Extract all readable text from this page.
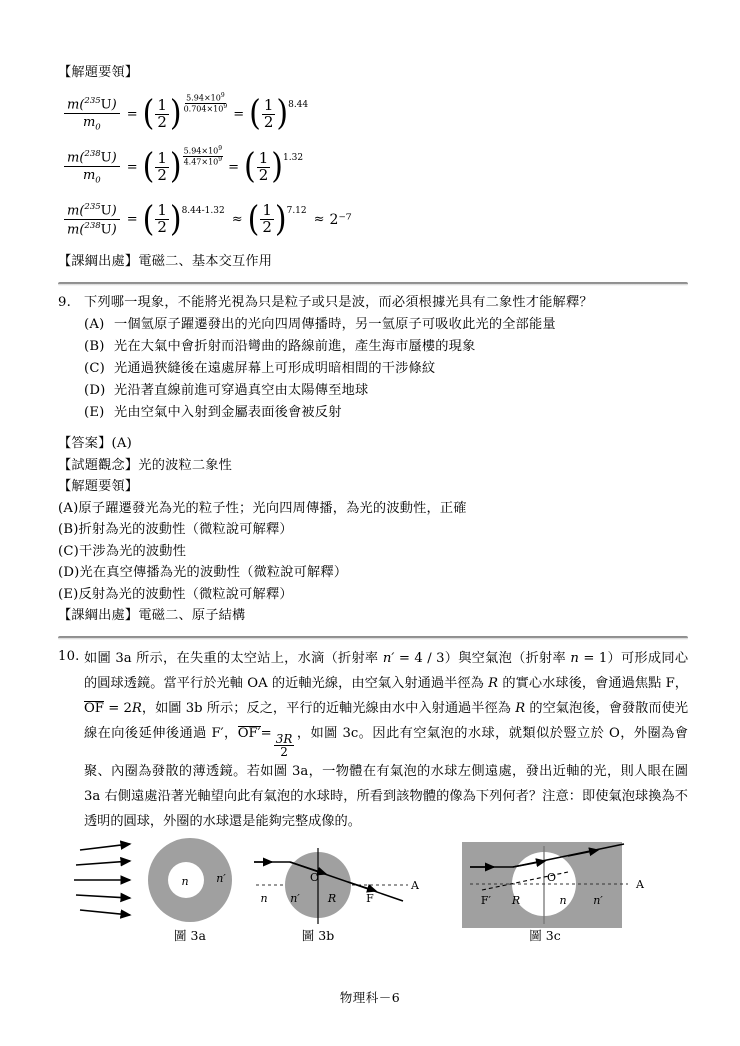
【解題要領】
$\frac{m(^{235}U)}{m_0}$ = ( 1
2 ) $\frac{5.94\times 10^9}{0.704\times 10^9}$
= ( 1
2 ) 8.44
$\frac{m(^{238}U)}{m_0}$ = ( 1
2 ) $\frac{5.94\times 10^9}{4.47\times 10^9}$
= ( 1
2 ) 1.32
$\frac{m(^{235}U)}{m(^{238}U)}$ = ( 1
2 ) 8.44-1.32
≈ ( 1
2 ) 7.12
≈ 2⁻⁷
【課綱出處】電磁二、基本交互作用
9. 下列哪一現象，不能將光視為只是粒子或只是波，而必須根據光具有二象性才能解釋？
(A) 一個氫原子躍遷發出的光向四周傳播時，另一氫原子可吸收此光的全部能量
(B) 光在大氣中會折射而沿彎曲的路線前進，產生海市蜃樓的現象
(C) 光通過狹縫後在遠處屏幕上可形成明暗相間的干涉條紋
(D) 光沿著直線前進可穿過真空由太陽傳至地球
(E) 光由空氣中入射到金屬表面後會被反射
【答案】(A)
【試題觀念】光的波粒二象性
【解題要領】
(A)原子躍遷發光為光的粒子性；光向四周傳播，為光的波動性，正確
(B)折射為光的波動性（微粒說可解釋）
(C)干涉為光的波動性
(D)光在真空傳播為光的波動性（微粒說可解釋）
(E)反射為光的波動性（微粒說可解釋）
【課綱出處】電磁二、原子結構
10. 如圖 3a 所示，在失重的太空站上，水滴（折射率 n′ = 4 / 3）與空氣泡（折射率 n = 1）可形成同心的圓球透鏡。當平行於光軸 OA 的近軸光線，由空氣入射通過半徑為 R 的實心水球後，會通過焦點 F，OF = 2R，如圖 3b 所示；反之，平行的近軸光線由水中入射通過半徑為 R 的空氣泡後，會發散而使光線在向後延伸後通過 F′，$OF'= \frac{3R}{2}$ ，如圖 3c。因此有空氣泡的水球，就類似於豎立於 O，外圈為會聚、內圈為發散的薄透鏡。若如圖 3a，一物體在有氣泡的水球左側遠處，發出近軸的光，則人眼在圖 3a 右側遠處沿著光軸望向此有氣泡的水球時，所看到該物體的像為下列何者？注意：即使氣泡球換為不透明的圓球，外圈的水球還是能夠完整成像的。
n	n′	O
n n′	R	F
A
O
F′ R	n n′
A
圖 3a	圖 3b	圖 3c
物理科－6
